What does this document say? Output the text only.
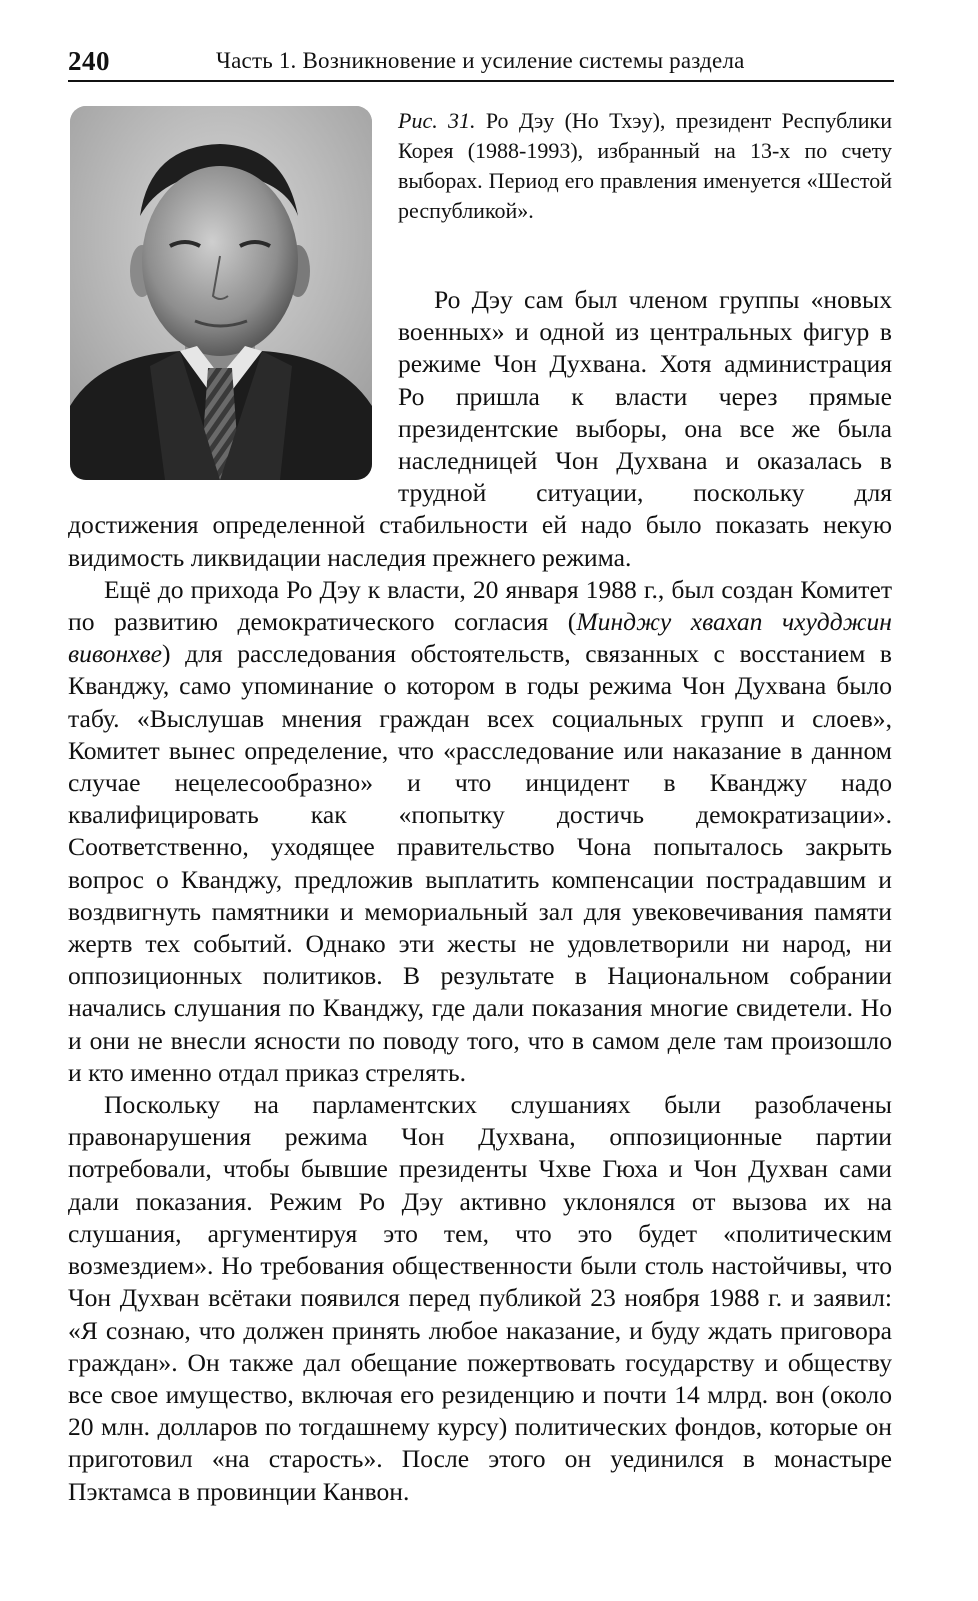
240	Часть 1. Возникновение и усиление системы раздела
Рис. 31. Ро Дэу (Но Тхэу), президент Республики Корея (1988-1993), избранный на 13-х по счету выборах. Период его правления именуется «Шестой республикой».

Ро Дэу сам был членом группы «новых военных» и одной из центральных фигур в режиме Чон Духвана. Хотя администрация Ро пришла к власти через прямые президентские выборы, она все же была наследницей Чон Духвана и оказалась в трудной ситуации, поскольку для достижения определенной стабильности ей надо было показать некую видимость ликвидации наследия прежнего режима.

Ещё до прихода Ро Дэу к власти, 20 января 1988 г., был создан Комитет по развитию демократического согласия (Минджу хвахап чхудджин вивонхве) для расследования обстоятельств, связанных с восстанием в Кванджу, само упоминание о котором в годы режима Чон Духвана было табу. «Выслушав мнения граждан всех социальных групп и слоев», Комитет вынес определение, что «расследование или наказание в данном случае нецелесообразно» и что инцидент в Кванджу надо квалифицировать как «попытку достичь демократизации». Соответственно, уходящее правительство Чона попыталось закрыть вопрос о Кванджу, предложив выплатить компенсации пострадавшим и воздвигнуть памятники и мемориальный зал для увековечивания памяти жертв тех событий. Однако эти жесты не удовлетворили ни народ, ни оппозиционных политиков. В результате в Национальном собрании начались слушания по Кванджу, где дали показания многие свидетели. Но и они не внесли ясности по поводу того, что в самом деле там произошло и кто именно отдал приказ стрелять.

Поскольку на парламентских слушаниях были разоблачены правонарушения режима Чон Духвана, оппозиционные партии потребовали, чтобы бывшие президенты Чхве Гюха и Чон Духван сами дали показания. Режим Ро Дэу активно уклонялся от вызова их на слушания, аргументируя это тем, что это будет «политическим возмездием». Но требования общественности были столь настойчивы, что Чон Духван всётаки появился перед публикой 23 ноября 1988 г. и заявил: «Я сознаю, что должен принять любое наказание, и буду ждать приговора граждан». Он также дал обещание пожертвовать государству и обществу все свое имущество, включая его резиденцию и почти 14 млрд. вон (около 20 млн. долларов по тогдашнему курсу) политических фондов, которые он приготовил «на старость». После этого он уединился в монастыре Пэктамса в провинции Канвон.
